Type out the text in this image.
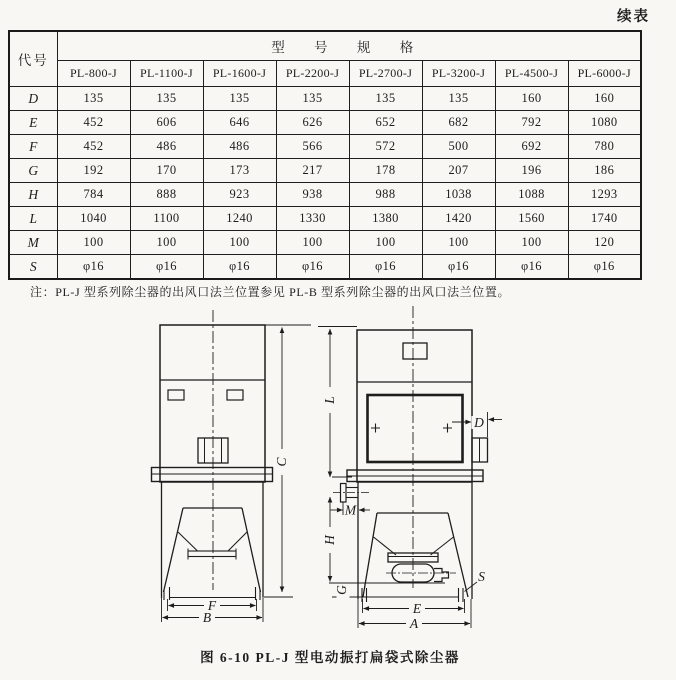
续表
代号	型 号 规 格							
	PL-800-J	PL-1100-J	PL-1600-J	PL-2200-J	PL-2700-J	PL-3200-J	PL-4500-J	PL-6000-J
D	135	135	135	135	135	135	160	160
E	452	606	646	626	652	682	792	1080
F	452	486	486	566	572	500	692	780
G	192	170	173	217	178	207	196	186
H	784	888	923	938	988	1038	1088	1293
L	1040	1100	1240	1330	1380	1420	1560	1740
M	100	100	100	100	100	100	100	120
S	φ16	φ16	φ16	φ16	φ16	φ16	φ16	φ16
注：PL-J 型系列除尘器的出风口法兰位置参见 PL-B 型系列除尘器的出风口法兰位置。
C
F
B
L
D
M
H
G
S
E
A
图 6-10 PL-J 型电动振打扁袋式除尘器
